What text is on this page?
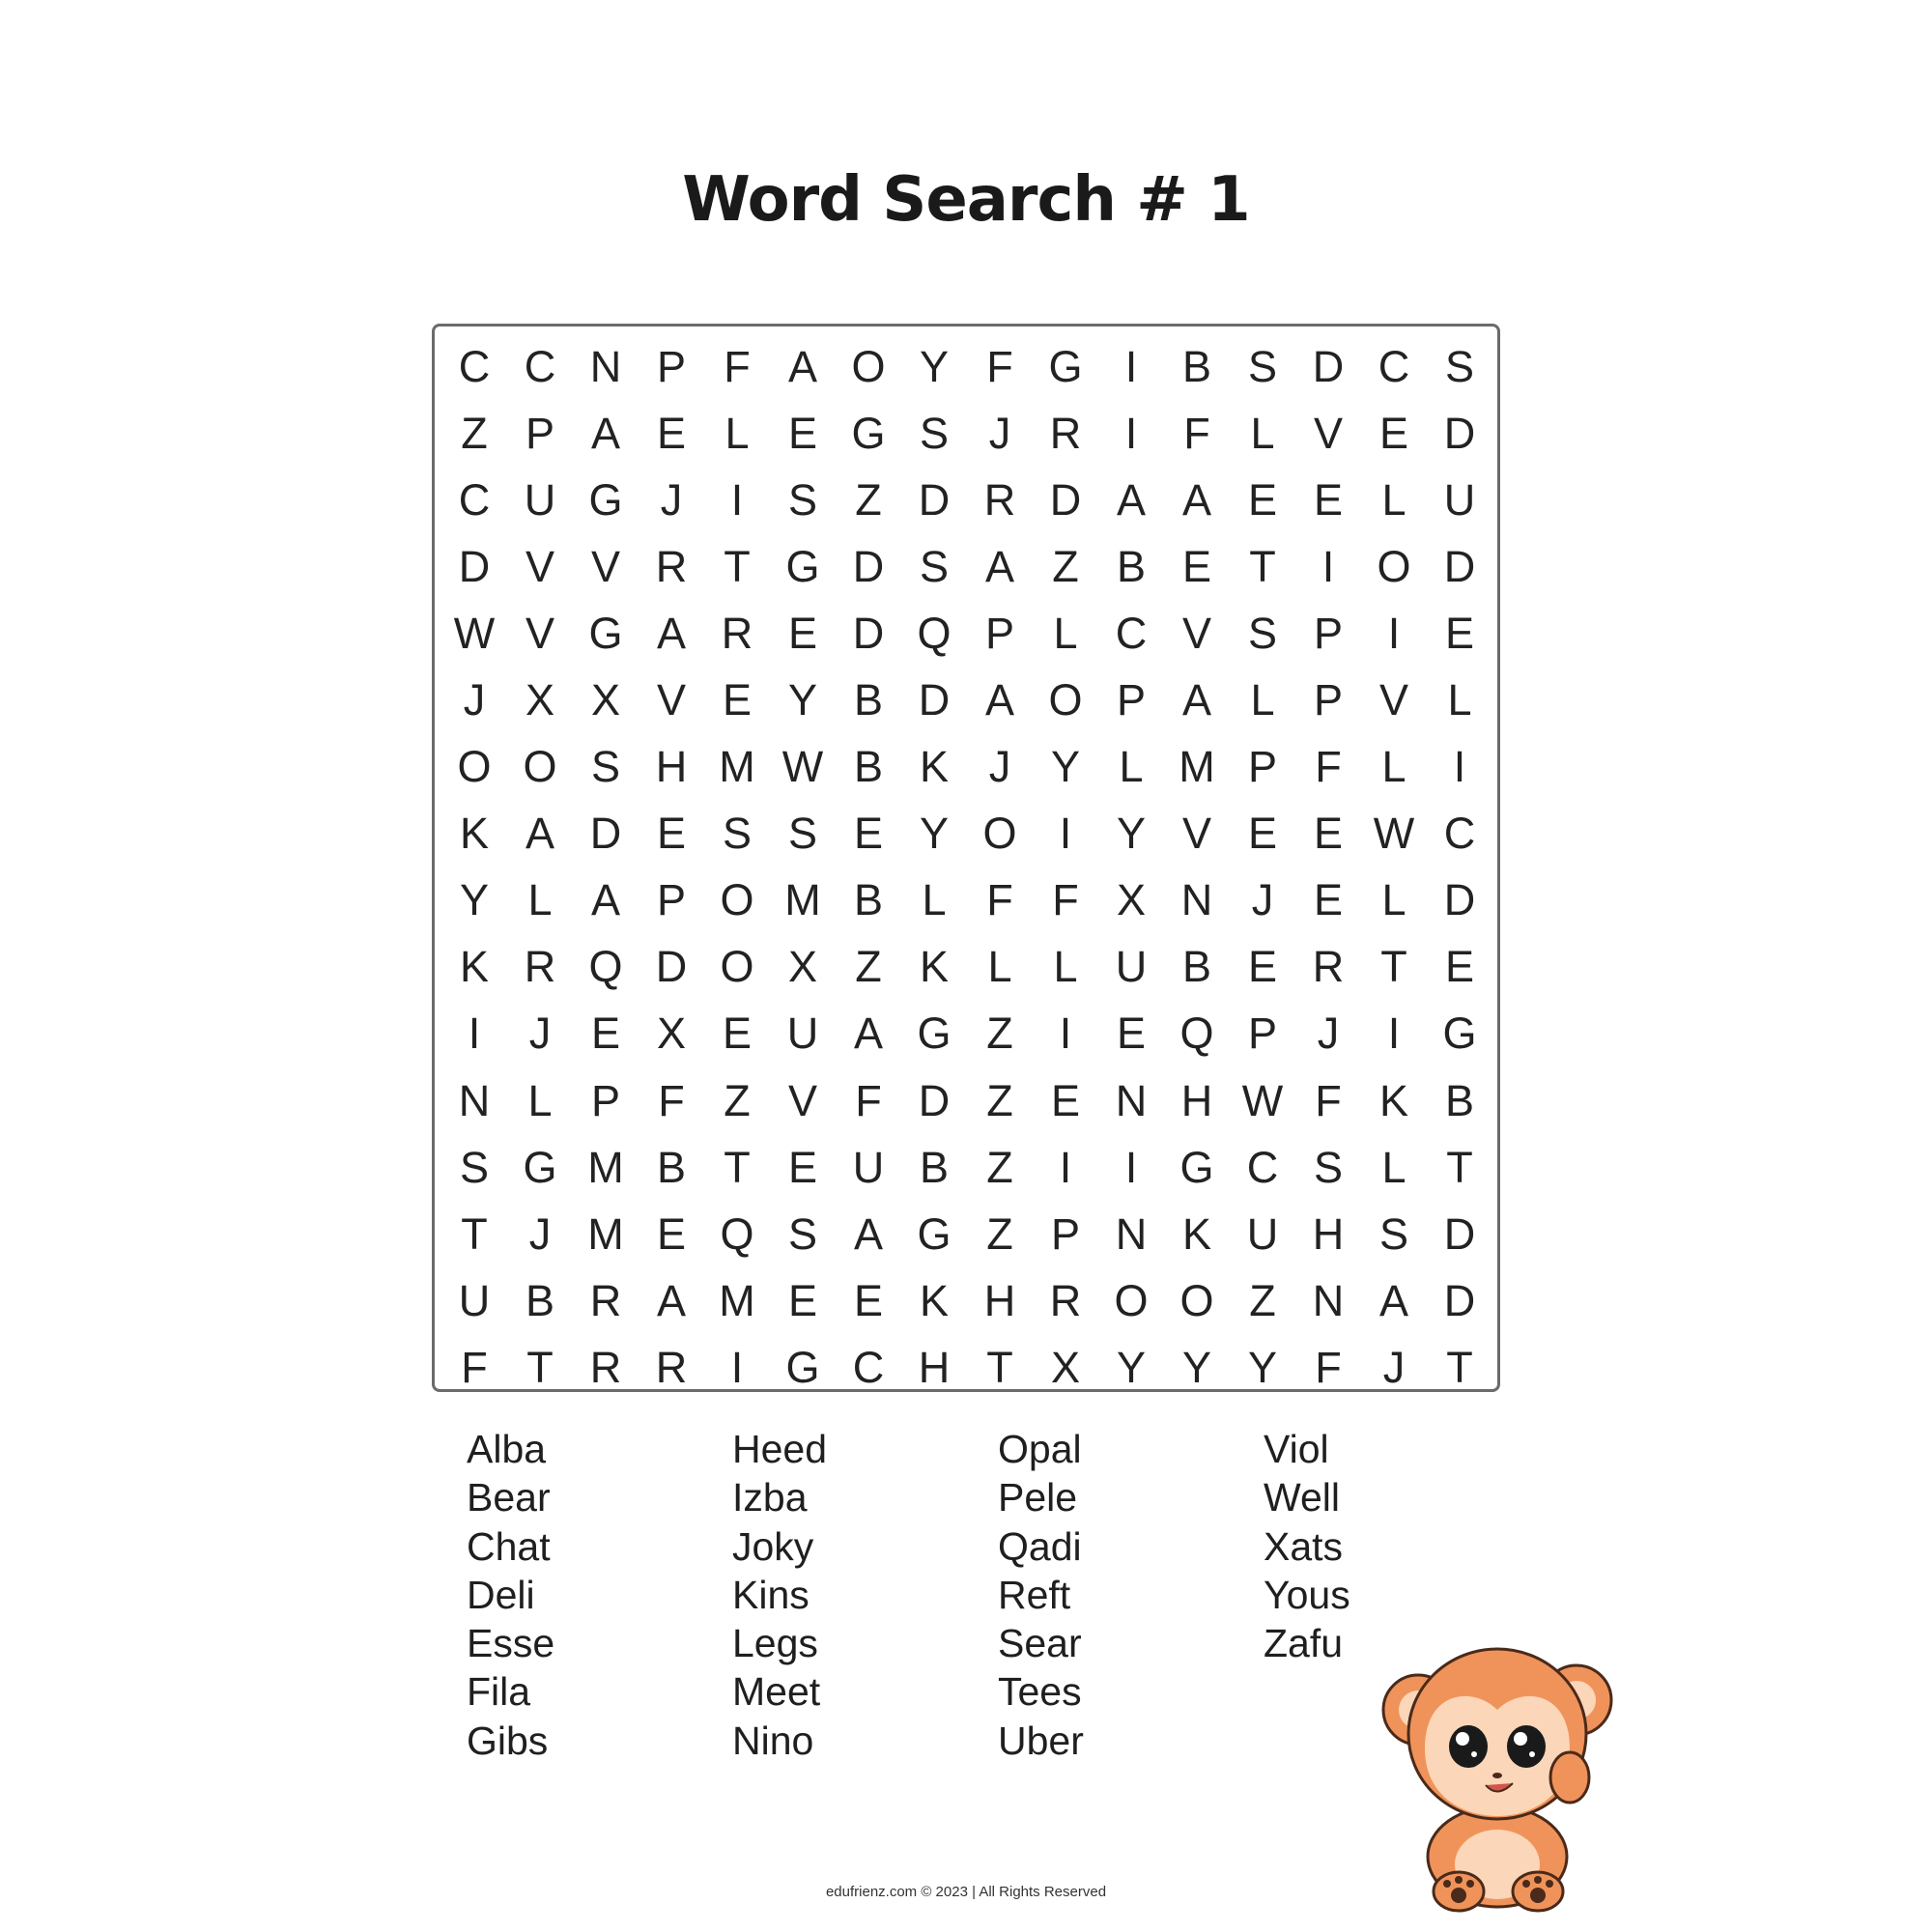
Word Search # 1
C C N P F A O Y F G I	B S D C S
Z P A E L E G S J R	I	F L V E D
C U G J	I	S Z D R D A A E E L U
D V V R T G D S A Z B E T	I O D
W V G A R E D Q P L C V S P	I	E
J X X V E Y B D A O P A L P V L
O O S H M W B K J Y L M P F L	I
K A D E S S E Y O I	Y V E E W C
Y L A P O M B L F F X N J E L D
K R Q D O X Z K L L U B E R T E
I	J E X E U A G Z	I	E Q P J	I G
N L P F Z V F D Z E N H W F K B
S G M B T E U B Z	I	I G C S L T
T J M E Q S A G Z P N K U H S D
U B R A M E E K H R O O Z N A D
F T R R	I G C H T X Y Y Y F J T
Alba
Bear
Chat
Deli
Esse
Fila
Gibs
Heed
Izba
Joky
Kins
Legs
Meet
Nino
Opal
Pele
Qadi
Reft
Sear
Tees
Uber
Viol
Well
Xats
Yous
Zafu
edufrienz.com © 2023 | All Rights Reserved
